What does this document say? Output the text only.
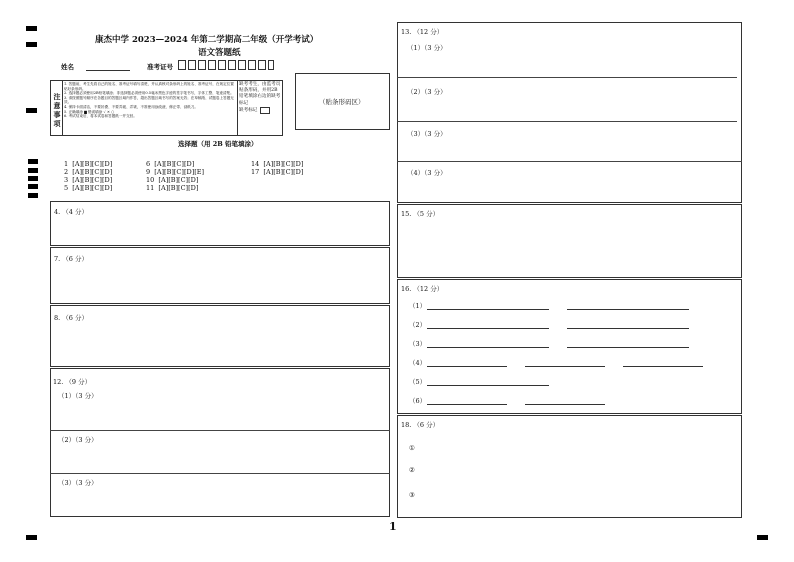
康杰中学 2023—2024 年第二学期高二年级（开学考试）
语文答题纸
姓名	准考证号
注意事项
1. 答题前，考生先将自己的姓名、准考证号填写清楚，并认真核对条形码上的姓名、准考证号，在规定位置贴好条形码。
2. 选择题必须使用2B铅笔填涂；非选择题必须使用0.5毫米黑色字迹的签字笔书写，字体工整、笔迹清楚。
3. 请按照题号顺序在各题目的答题区域内作答，超出答题区域书写的答案无效；在草稿纸、试题卷上答题无效。
4. 保持卡面清洁，不要折叠、不要弄破、弄皱，不准使用涂改液、修正带、刮纸刀。
5. 正确填涂 ▆ 错误填涂 ✓ ✕ ○
6. 考试结束后，将本试卷和答题纸一并交回。
缺考考生，由监考员贴条形码，并用2B铅笔填涂右边的缺考标记
缺考标记
（贴条形码区）
选择题（用 2B 铅笔填涂）
1 [A][B][C][D]
2 [A][B][C][D]
3 [A][B][C][D]
5 [A][B][C][D]
6 [A][B][C][D]
9 [A][B][C][D][E]
10 [A][B][C][D]
11 [A][B][C][D]
14 [A][B][C][D]
17 [A][B][C][D]
4. （4 分）
7. （6 分）
8. （6 分）
12. （9 分）
（1）（3 分）
（2）（3 分）
（3）（3 分）
1
13. （12 分）
（1）（3 分）
（2）（3 分）
（3）（3 分）
（4）（3 分）
15. （5 分）
16. （12 分）
（1）
（2）
（3）
（4）
（5）
（6）
18. （6 分）
①
②
③
